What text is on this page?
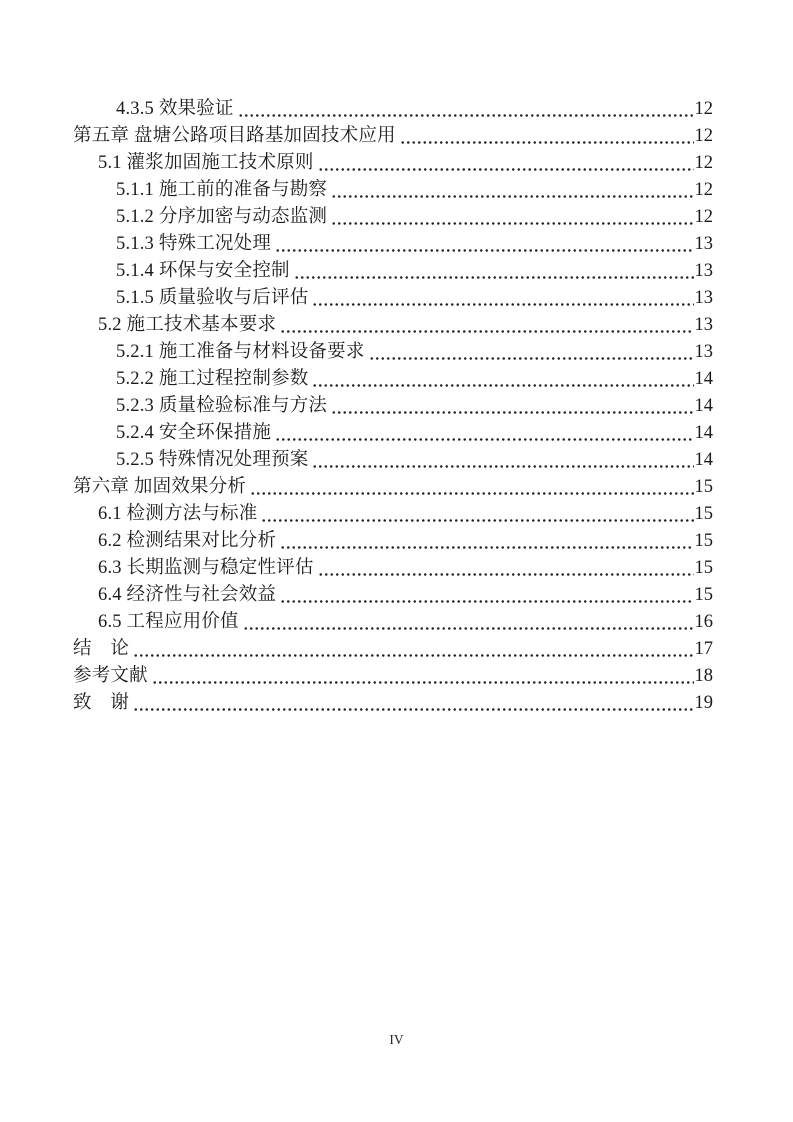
4.3.5 效果验证	12
第五章 盘塘公路项目路基加固技术应用	12
5.1 灌浆加固施工技术原则	12
5.1.1 施工前的准备与勘察	12
5.1.2 分序加密与动态监测	12
5.1.3 特殊工况处理	13
5.1.4 环保与安全控制	13
5.1.5 质量验收与后评估	13
5.2 施工技术基本要求	13
5.2.1 施工准备与材料设备要求	13
5.2.2 施工过程控制参数	14
5.2.3 质量检验标准与方法	14
5.2.4 安全环保措施	14
5.2.5 特殊情况处理预案	14
第六章 加固效果分析	15
6.1 检测方法与标准	15
6.2 检测结果对比分析	15
6.3 长期监测与稳定性评估	15
6.4 经济性与社会效益	15
6.5 工程应用价值	16
结　论	17
参考文献	18
致　谢	19
IV
